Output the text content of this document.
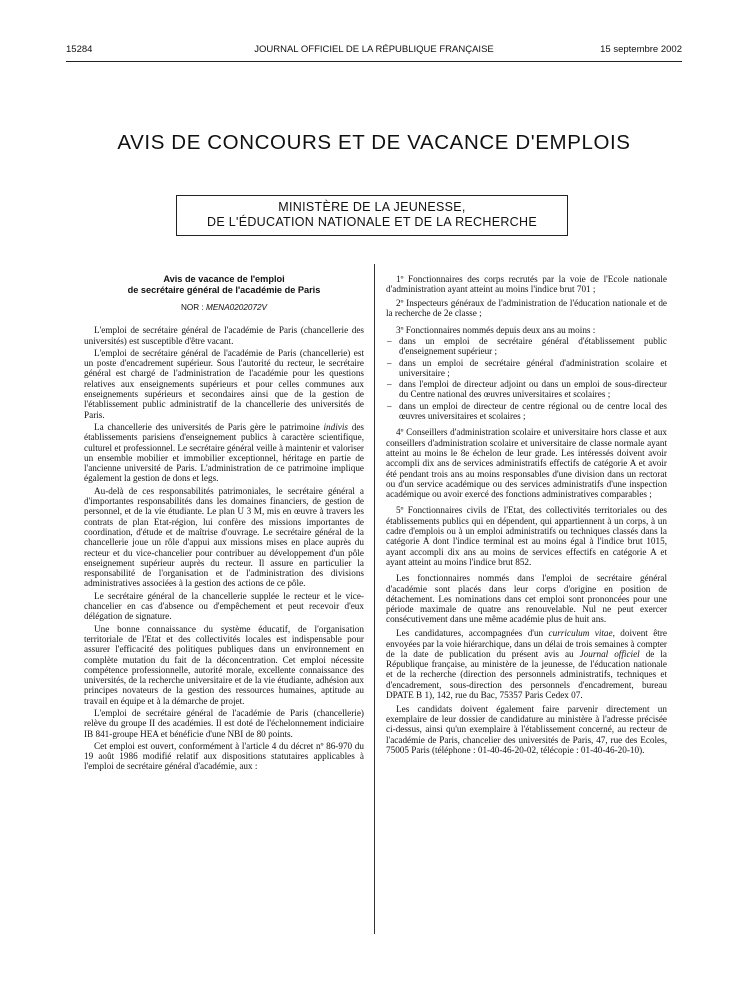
15284	JOURNAL OFFICIEL DE LA RÉPUBLIQUE FRANÇAISE	15 septembre 2002
AVIS DE CONCOURS ET DE VACANCE D'EMPLOIS
MINISTÈRE DE LA JEUNESSE,
DE L'ÉDUCATION NATIONALE ET DE LA RECHERCHE
Avis de vacance de l'emploi
de secrétaire général de l'académie de Paris
NOR : MENA0202072V

L'emploi de secrétaire général de l'académie de Paris (chancellerie des universités) est susceptible d'être vacant.

L'emploi de secrétaire général de l'académie de Paris (chancellerie) est un poste d'encadrement supérieur. Sous l'autorité du recteur, le secrétaire général est chargé de l'administration de l'académie pour les questions relatives aux enseignements supérieurs et pour celles communes aux enseignements supérieurs et secondaires ainsi que de la gestion de l'établissement public administratif de la chancellerie des universités de Paris.

La chancellerie des universités de Paris gère le patrimoine indivis des établissements parisiens d'enseignement publics à caractère scientifique, culturel et professionnel. Le secrétaire général veille à maintenir et valoriser un ensemble mobilier et immobilier exceptionnel, héritage en partie de l'ancienne université de Paris. L'administration de ce patrimoine implique également la gestion de dons et legs.

Au-delà de ces responsabilités patrimoniales, le secrétaire général a d'importantes responsabilités dans les domaines financiers, de gestion de personnel, et de la vie étudiante. Le plan U 3 M, mis en œuvre à travers les contrats de plan Etat-région, lui confère des missions importantes de coordination, d'étude et de maîtrise d'ouvrage. Le secrétaire général de la chancellerie joue un rôle d'appui aux missions mises en place auprès du recteur et du vice-chancelier pour contribuer au développement d'un pôle enseignement supérieur auprès du recteur. Il assure en particulier la responsabilité de l'organisation et de l'administration des divisions administratives associées à la gestion des actions de ce pôle.

Le secrétaire général de la chancellerie supplée le recteur et le vice-chancelier en cas d'absence ou d'empêchement et peut recevoir d'eux délégation de signature.

Une bonne connaissance du système éducatif, de l'organisation territoriale de l'Etat et des collectivités locales est indispensable pour assurer l'efficacité des politiques publiques dans un environnement en complète mutation du fait de la déconcentration. Cet emploi nécessite compétence professionnelle, autorité morale, excellente connaissance des universités, de la recherche universitaire et de la vie étudiante, adhésion aux principes novateurs de la gestion des ressources humaines, aptitude au travail en équipe et à la démarche de projet.

L'emploi de secrétaire général de l'académie de Paris (chancellerie) relève du groupe II des académies. Il est doté de l'échelonnement indiciaire IB 841-groupe HEA et bénéficie d'une NBI de 80 points.

Cet emploi est ouvert, conformément à l'article 4 du décret nº 86-970 du 19 août 1986 modifié relatif aux dispositions statutaires applicables à l'emploi de secrétaire général d'académie, aux :

1º Fonctionnaires des corps recrutés par la voie de l'Ecole nationale d'administration ayant atteint au moins l'indice brut 701 ;

2º Inspecteurs généraux de l'administration de l'éducation nationale et de la recherche de 2e classe ;

3º Fonctionnaires nommés depuis deux ans au moins :

– dans un emploi de secrétaire général d'établissement public d'enseignement supérieur ;
– dans un emploi de secrétaire général d'administration scolaire et universitaire ;
– dans l'emploi de directeur adjoint ou dans un emploi de sous-directeur du Centre national des œuvres universitaires et scolaires ;
– dans un emploi de directeur de centre régional ou de centre local des œuvres universitaires et scolaires ;

4º Conseillers d'administration scolaire et universitaire hors classe et aux conseillers d'administration scolaire et universitaire de classe normale ayant atteint au moins le 8e échelon de leur grade. Les intéressés doivent avoir accompli dix ans de services administratifs effectifs de catégorie A et avoir été pendant trois ans au moins responsables d'une division dans un rectorat ou d'un service académique ou des services administratifs d'une inspection académique ou avoir exercé des fonctions administratives comparables ;

5º Fonctionnaires civils de l'Etat, des collectivités territoriales ou des établissements publics qui en dépendent, qui appartiennent à un corps, à un cadre d'emplois ou à un emploi administratifs ou techniques classés dans la catégorie A dont l'indice terminal est au moins égal à l'indice brut 1015, ayant accompli dix ans au moins de services effectifs en catégorie A et ayant atteint au moins l'indice brut 852.

Les fonctionnaires nommés dans l'emploi de secrétaire général d'académie sont placés dans leur corps d'origine en position de détachement. Les nominations dans cet emploi sont prononcées pour une période maximale de quatre ans renouvelable. Nul ne peut exercer consécutivement dans une même académie plus de huit ans.

Les candidatures, accompagnées d'un curriculum vitae, doivent être envoyées par la voie hiérarchique, dans un délai de trois semaines à compter de la date de publication du présent avis au Journal officiel de la République française, au ministère de la jeunesse, de l'éducation nationale et de la recherche (direction des personnels administratifs, techniques et d'encadrement, sous-direction des personnels d'encadrement, bureau DPATE B 1), 142, rue du Bac, 75357 Paris Cedex 07.

Les candidats doivent également faire parvenir directement un exemplaire de leur dossier de candidature au ministère à l'adresse précisée ci-dessus, ainsi qu'un exemplaire à l'établissement concerné, au recteur de l'académie de Paris, chancelier des universités de Paris, 47, rue des Ecoles, 75005 Paris (téléphone : 01-40-46-20-02, télécopie : 01-40-46-20-10).
